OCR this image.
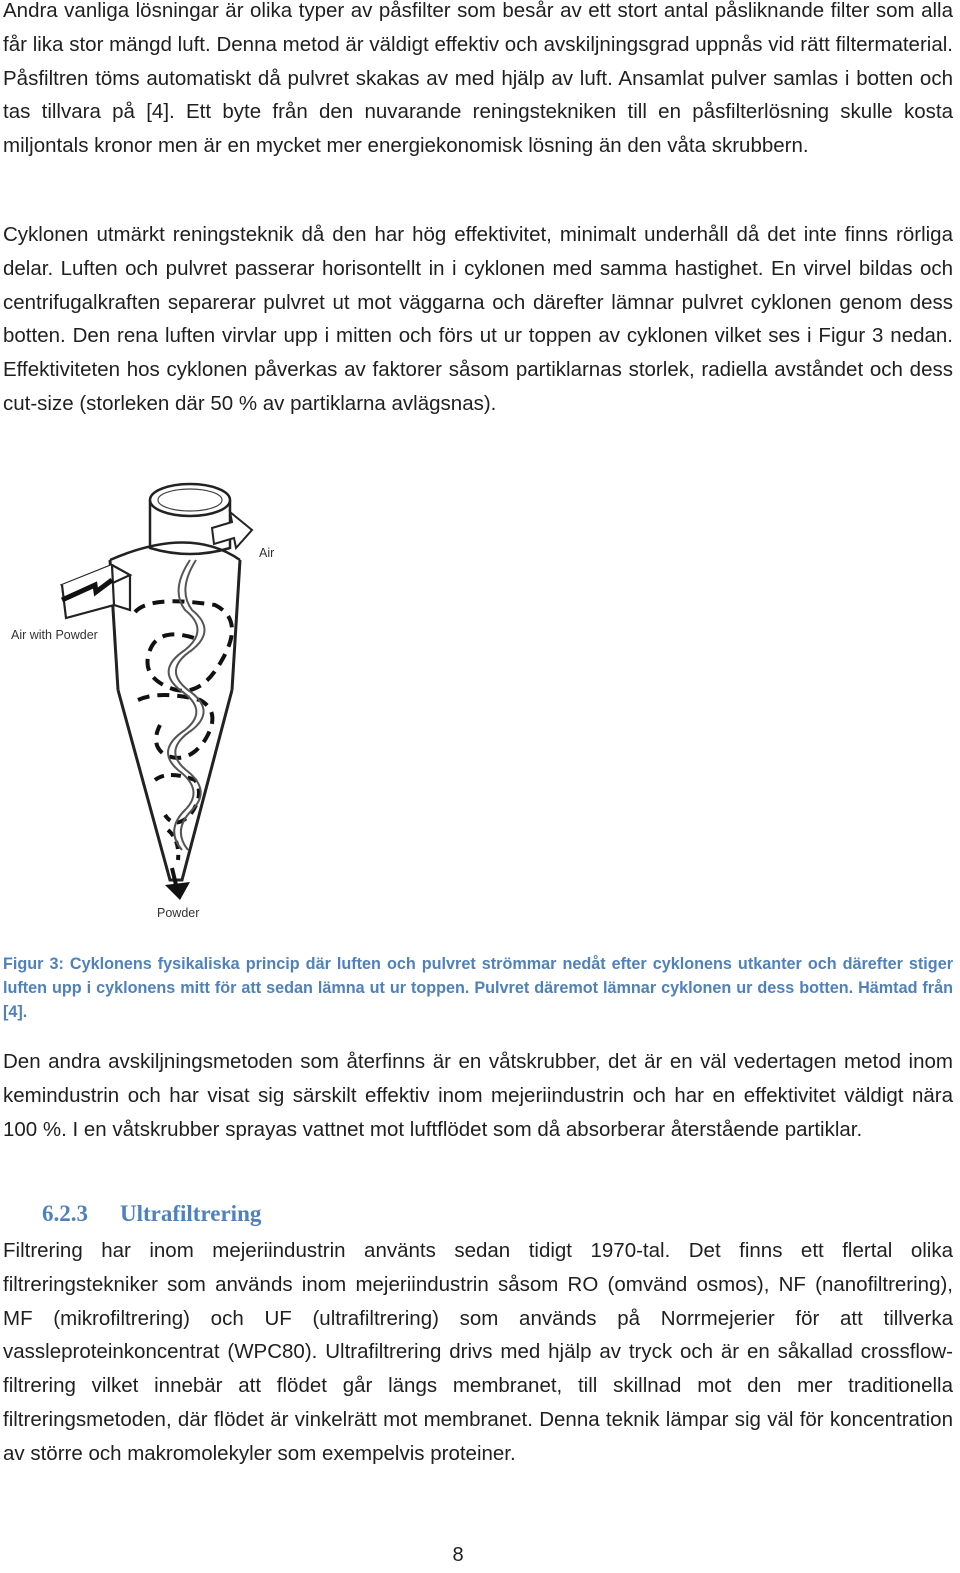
Andra vanliga lösningar är olika typer av påsfilter som besår av ett stort antal påsliknande filter som alla får lika stor mängd luft. Denna metod är väldigt effektiv och avskiljningsgrad uppnås vid rätt filtermaterial. Påsfiltren töms automatiskt då pulvret skakas av med hjälp av luft. Ansamlat pulver samlas i botten och tas tillvara på [4]. Ett byte från den nuvarande reningstekniken till en påsfilterlösning skulle kosta miljontals kronor men är en mycket mer energiekonomisk lösning än den våta skrubbern.

Cyklonen utmärkt reningsteknik då den har hög effektivitet, minimalt underhåll då det inte finns rörliga delar. Luften och pulvret passerar horisontellt in i cyklonen med samma hastighet. En virvel bildas och centrifugalkraften separerar pulvret ut mot väggarna och därefter lämnar pulvret cyklonen genom dess botten. Den rena luften virvlar upp i mitten och förs ut ur toppen av cyklonen vilket ses i Figur 3 nedan. Effektiviteten hos cyklonen påverkas av faktorer såsom partiklarnas storlek, radiella avståndet och dess cut-size (storleken där 50 % av partiklarna avlägsnas).

Air
Air with Powder
Powder

Figur 3: Cyklonens fysikaliska princip där luften och pulvret strömmar nedåt efter cyklonens utkanter och därefter stiger luften upp i cyklonens mitt för att sedan lämna ut ur toppen. Pulvret däremot lämnar cyklonen ur dess botten. Hämtad från [4].

Den andra avskiljningsmetoden som återfinns är en våtskrubber, det är en väl vedertagen metod inom kemindustrin och har visat sig särskilt effektiv inom mejeriindustrin och har en effektivitet väldigt nära 100 %. I en våtskrubber sprayas vattnet mot luftflödet som då absorberar återstående partiklar.

6.2.3 Ultrafiltrering

Filtrering har inom mejeriindustrin använts sedan tidigt 1970-tal. Det finns ett flertal olika filtreringstekniker som används inom mejeriindustrin såsom RO (omvänd osmos), NF (nanofiltrering), MF (mikrofiltrering) och UF (ultrafiltrering) som används på Norrmejerier för att tillverka vassleproteinkoncentrat (WPC80). Ultrafiltrering drivs med hjälp av tryck och är en såkallad crossflow-filtrering vilket innebär att flödet går längs membranet, till skillnad mot den mer traditionella filtreringsmetoden, där flödet är vinkelrätt mot membranet. Denna teknik lämpar sig väl för koncentration av större och makromolekyler som exempelvis proteiner.

8
